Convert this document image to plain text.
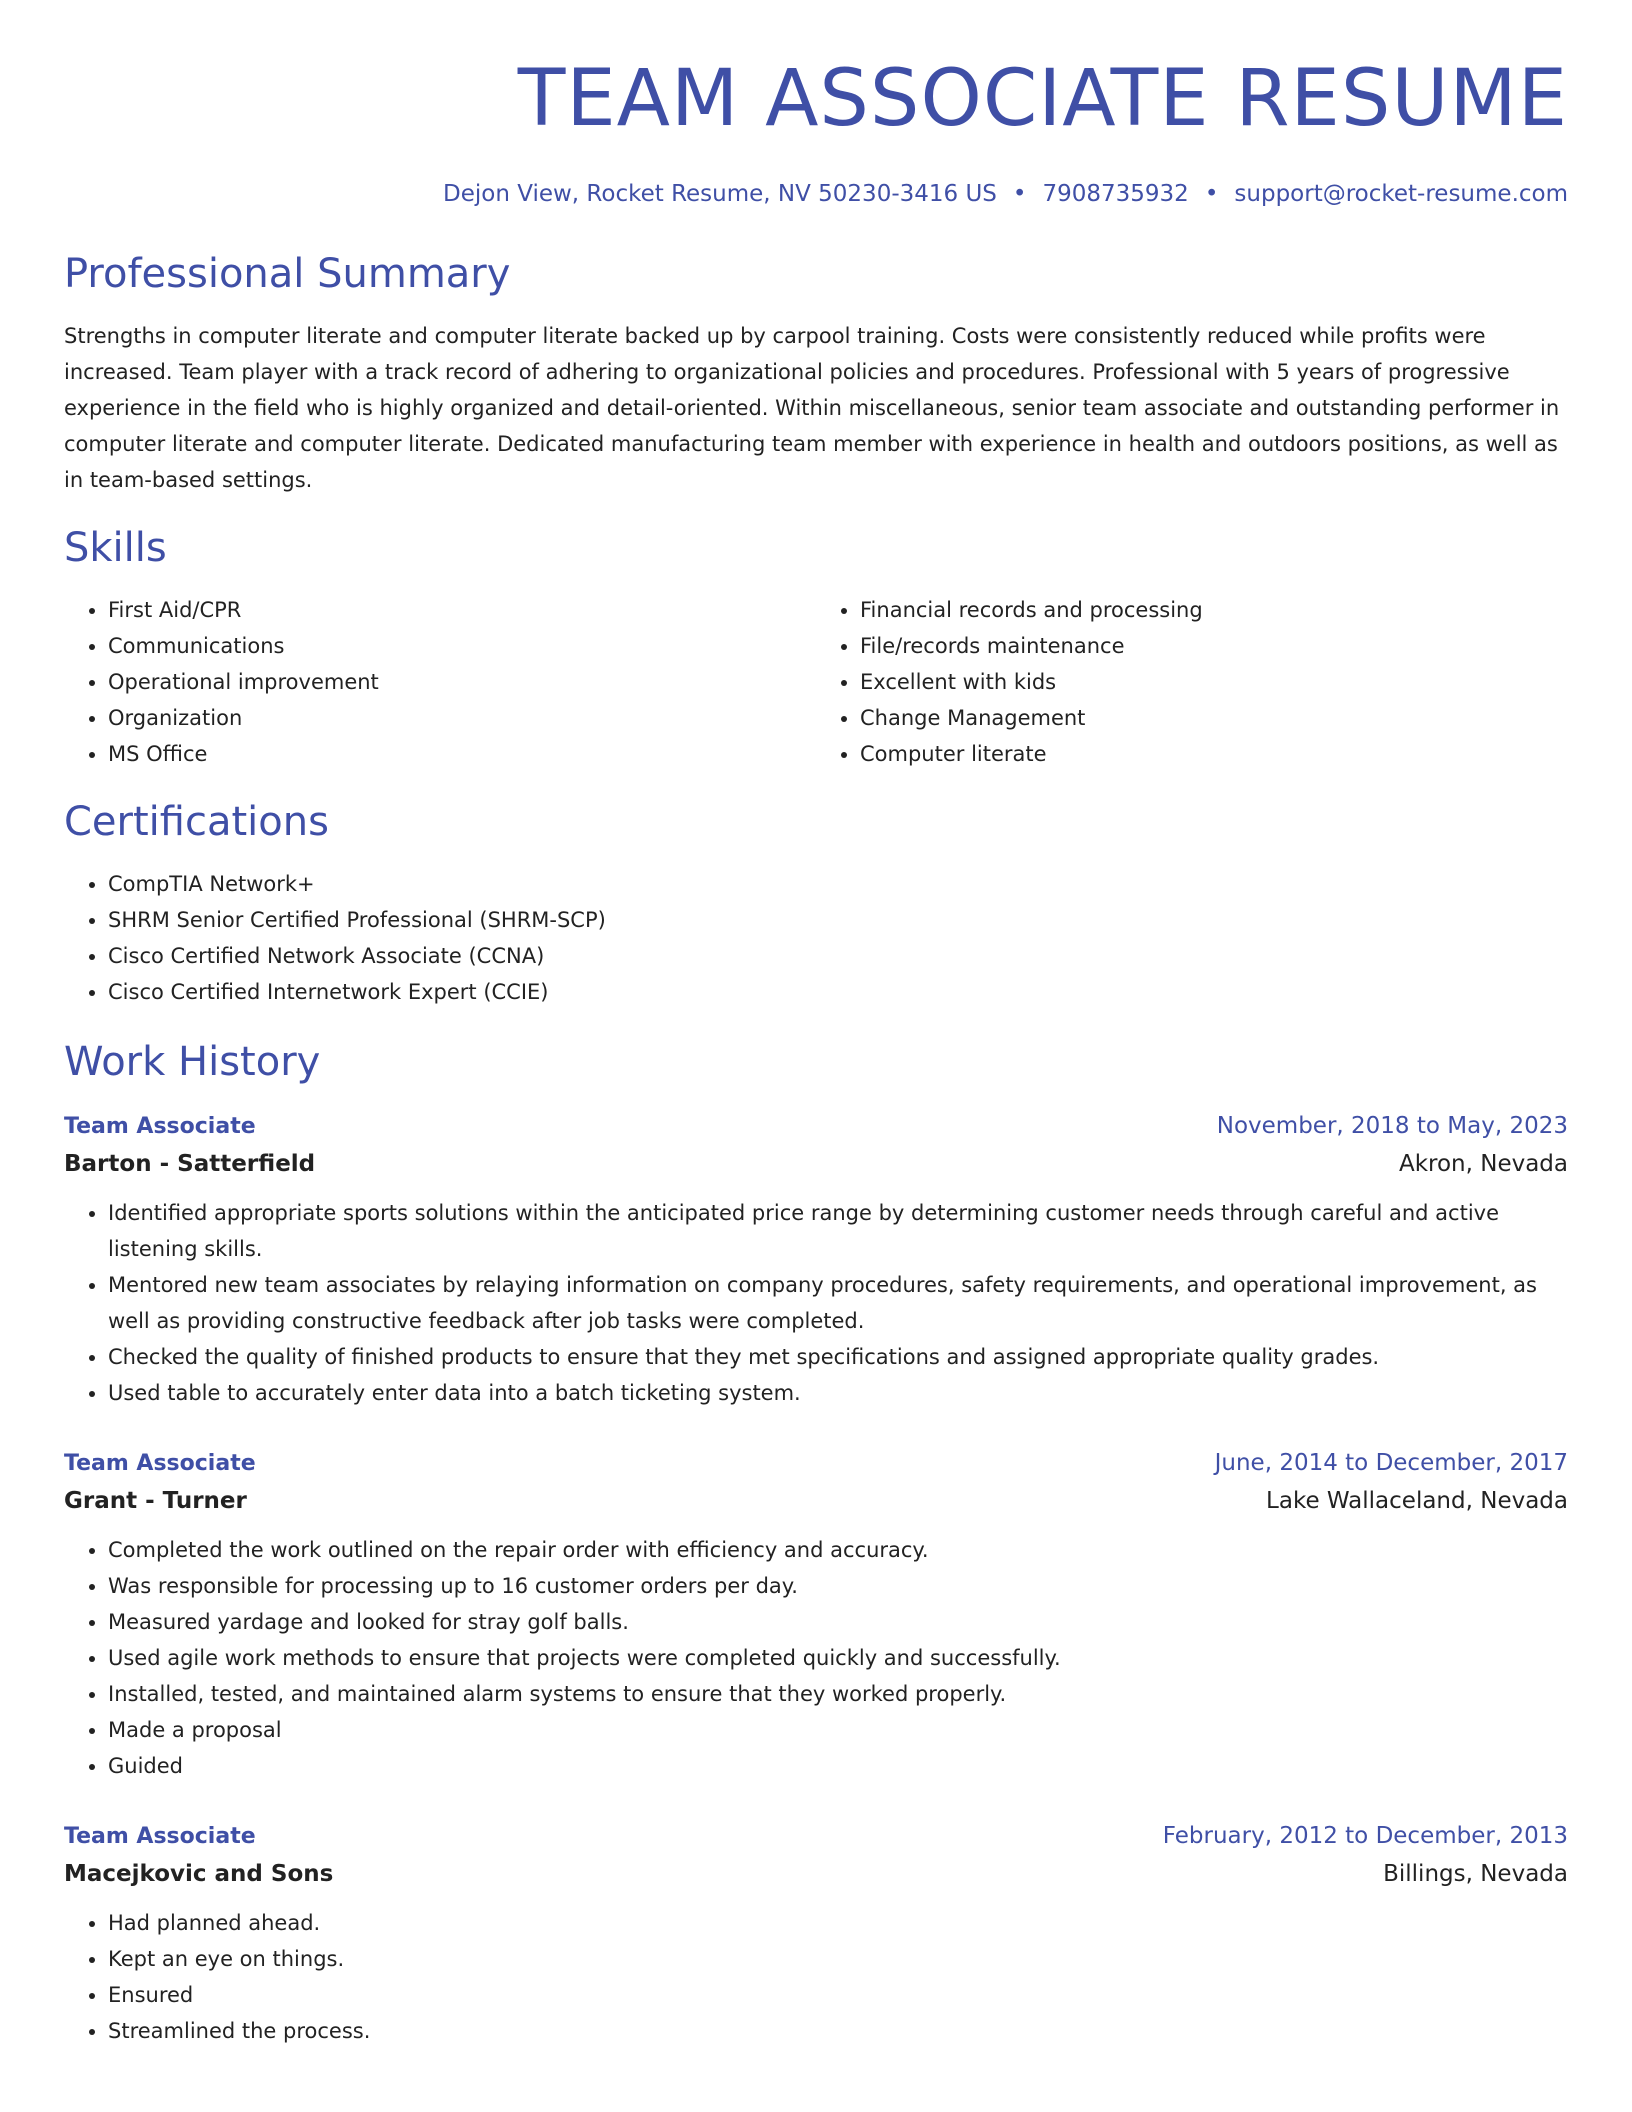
TEAM ASSOCIATE RESUME
Dejon View, Rocket Resume, NV 50230-3416 US • 7908735932 • support@rocket-resume.com
Professional Summary

Strengths in computer literate and computer literate backed up by carpool training. Costs were consistently reduced while profits were increased. Team player with a track record of adhering to organizational policies and procedures. Professional with 5 years of progressive experience in the field who is highly organized and detail-oriented. Within miscellaneous, senior team associate and outstanding performer in computer literate and computer literate. Dedicated manufacturing team member with experience in health and outdoors positions, as well as in team-based settings.

Skills
• First Aid/CPR
• Communications
• Operational improvement
• Organization
• MS Office
• Financial records and processing
• File/records maintenance
• Excellent with kids
• Change Management
• Computer literate
Certifications
• CompTIA Network+
• SHRM Senior Certified Professional (SHRM-SCP)
• Cisco Certified Network Associate (CCNA)
• Cisco Certified Internetwork Expert (CCIE)
Work History
Team Associate	November, 2018 to May, 2023
Barton - Satterfield	Akron, Nevada
• Identified appropriate sports solutions within the anticipated price range by determining customer needs through careful and active listening skills.
• Mentored new team associates by relaying information on company procedures, safety requirements, and operational improvement, as well as providing constructive feedback after job tasks were completed.
• Checked the quality of finished products to ensure that they met specifications and assigned appropriate quality grades.
• Used table to accurately enter data into a batch ticketing system.
Team Associate	June, 2014 to December, 2017
Grant - Turner	Lake Wallaceland, Nevada
• Completed the work outlined on the repair order with efficiency and accuracy.
• Was responsible for processing up to 16 customer orders per day.
• Measured yardage and looked for stray golf balls.
• Used agile work methods to ensure that projects were completed quickly and successfully.
• Installed, tested, and maintained alarm systems to ensure that they worked properly.
• Made a proposal
• Guided
Team Associate	February, 2012 to December, 2013
Macejkovic and Sons	Billings, Nevada
• Had planned ahead.
• Kept an eye on things.
• Ensured
• Streamlined the process.
